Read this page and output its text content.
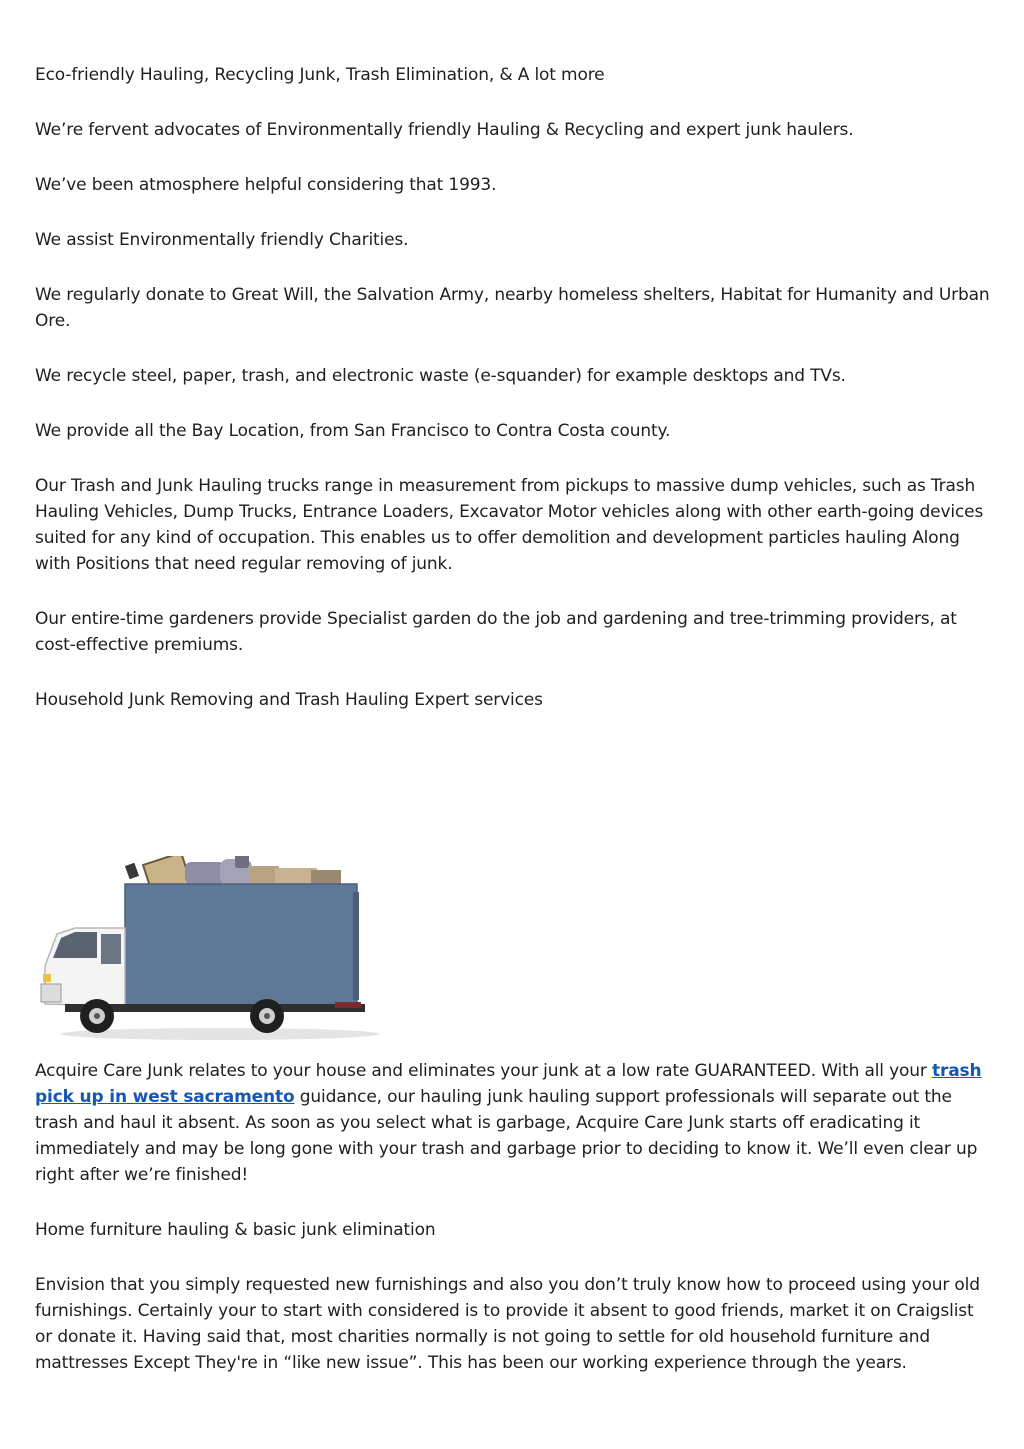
Eco-friendly Hauling, Recycling Junk, Trash Elimination, & A lot more

We’re fervent advocates of Environmentally friendly Hauling & Recycling and expert junk haulers.

We’ve been atmosphere helpful considering that 1993.

We assist Environmentally friendly Charities.

We regularly donate to Great Will, the Salvation Army, nearby homeless shelters, Habitat for Humanity and Urban Ore.

We recycle steel, paper, trash, and electronic waste (e-squander) for example desktops and TVs.

We provide all the Bay Location, from San Francisco to Contra Costa county.

Our Trash and Junk Hauling trucks range in measurement from pickups to massive dump vehicles, such as Trash Hauling Vehicles, Dump Trucks, Entrance Loaders, Excavator Motor vehicles along with other earth-going devices suited for any kind of occupation. This enables us to offer demolition and development particles hauling Along with Positions that need regular removing of junk.

Our entire-time gardeners provide Specialist garden do the job and gardening and tree-trimming providers, at cost-effective premiums.

Household Junk Removing and Trash Hauling Expert services

Acquire Care Junk relates to your house and eliminates your junk at a low rate GUARANTEED. With all your trash pick up in west sacramento guidance, our hauling junk hauling support professionals will separate out the trash and haul it absent. As soon as you select what is garbage, Acquire Care Junk starts off eradicating it immediately and may be long gone with your trash and garbage prior to deciding to know it. We’ll even clear up right after we’re finished!

Home furniture hauling & basic junk elimination

Envision that you simply requested new furnishings and also you don’t truly know how to proceed using your old furnishings. Certainly your to start with considered is to provide it absent to good friends, market it on Craigslist or donate it. Having said that, most charities normally is not going to settle for old household furniture and mattresses Except They're in “like new issue”. This has been our working experience through the years.
